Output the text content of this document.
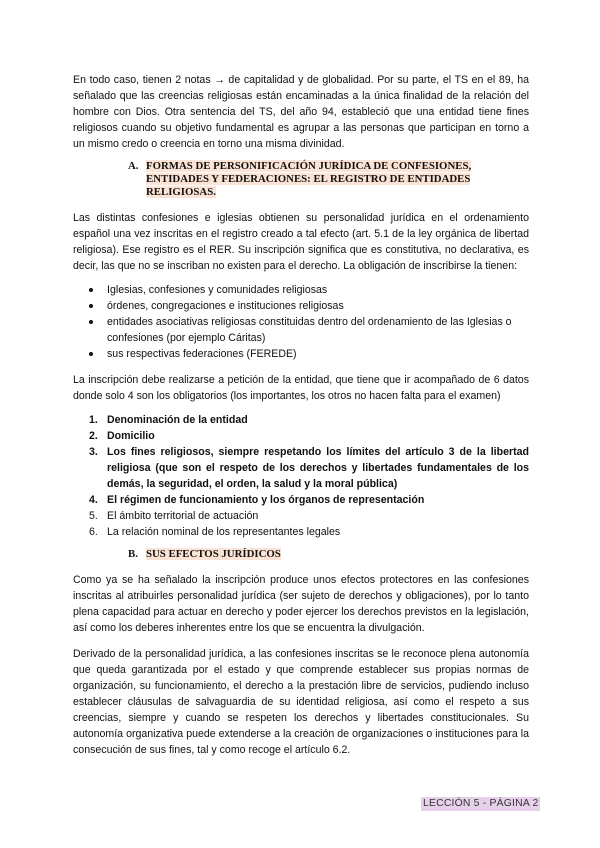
En todo caso, tienen 2 notas → de capitalidad y de globalidad. Por su parte, el TS en el 89, ha señalado que las creencias religiosas están encaminadas a la única finalidad de la relación del hombre con Dios. Otra sentencia del TS, del año 94, estableció que una entidad tiene fines religiosos cuando su objetivo fundamental es agrupar a las personas que participan en torno a un mismo credo o creencia en torno una misma divinidad.

A. FORMAS DE PERSONIFICACIÓN JURÍDICA DE CONFESIONES,
ENTIDADES Y FEDERACIONES: EL REGISTRO DE ENTIDADES
RELIGIOSAS.

Las distintas confesiones e iglesias obtienen su personalidad jurídica en el ordenamiento español una vez inscritas en el registro creado a tal efecto (art. 5.1 de la ley orgánica de libertad religiosa). Ese registro es el RER. Su inscripción significa que es constitutiva, no declarativa, es decir, las que no se inscriban no existen para el derecho. La obligación de inscribirse la tienen:

Iglesias, confesiones y comunidades religiosas
órdenes, congregaciones e instituciones religiosas
entidades asociativas religiosas constituidas dentro del ordenamiento de las Iglesias o confesiones (por ejemplo Cáritas)
sus respectivas federaciones (FEREDE)

La inscripción debe realizarse a petición de la entidad, que tiene que ir acompañado de 6 datos donde solo 4 son los obligatorios (los importantes, los otros no hacen falta para el examen)

1. Denominación de la entidad
2. Domicilio
3. Los fines religiosos, siempre respetando los límites del artículo 3 de la libertad religiosa (que son el respeto de los derechos y libertades fundamentales de los demás, la seguridad, el orden, la salud y la moral pública)
4. El régimen de funcionamiento y los órganos de representación
5. El ámbito territorial de actuación
6. La relación nominal de los representantes legales
B. SUS EFECTOS JURÍDICOS

Como ya se ha señalado la inscripción produce unos efectos protectores en las confesiones inscritas al atribuirles personalidad jurídica (ser sujeto de derechos y obligaciones), por lo tanto plena capacidad para actuar en derecho y poder ejercer los derechos previstos en la legislación, así como los deberes inherentes entre los que se encuentra la divulgación.

Derivado de la personalidad jurídica, a las confesiones inscritas se le reconoce plena autonomía que queda garantizada por el estado y que comprende establecer sus propias normas de organización, su funcionamiento, el derecho a la prestación libre de servicios, pudiendo incluso establecer cláusulas de salvaguardia de su identidad religiosa, así como el respeto a sus creencias, siempre y cuando se respeten los derechos y libertades constitucionales. Su autonomía organizativa puede extenderse a la creación de organizaciones o instituciones para la consecución de sus fines, tal y como recoge el artículo 6.2.

LECCIÓN 5 - PÁGINA 2
